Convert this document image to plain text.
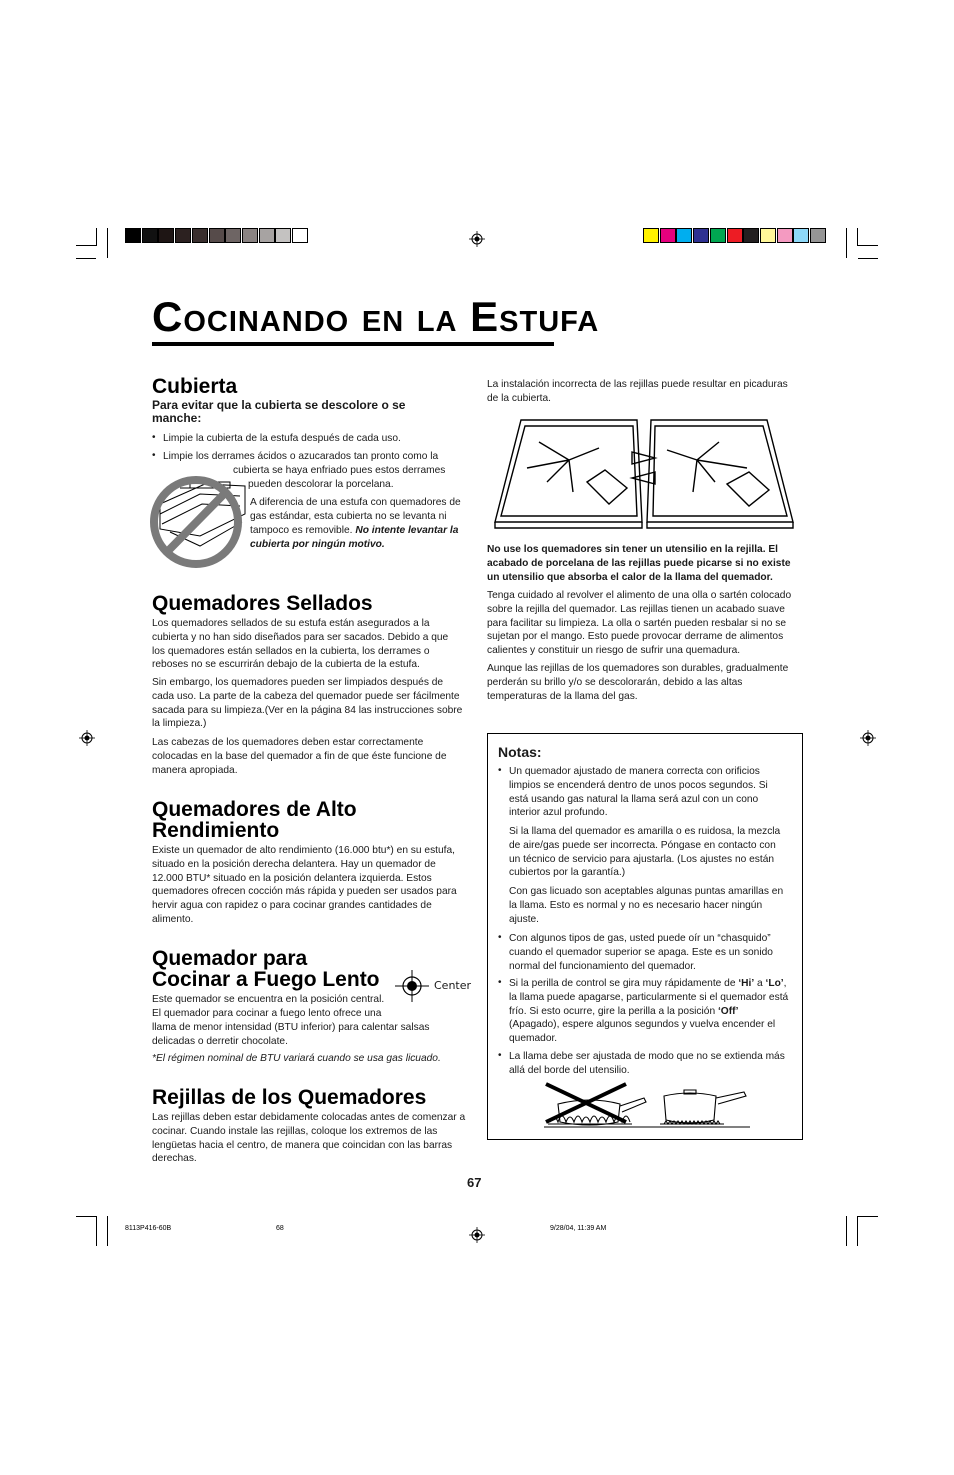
Cocinando en la Estufa
Cubierta

Para evitar que la cubierta se descolore o se manche:

• Limpie la cubierta de la estufa después de cada uso.

• Limpie los derrames ácidos o azucarados tan pronto como la

cubierta se haya enfriado pues estos derrames

pueden descolorar la porcelana.

A diferencia de una estufa con quemadores de

gas estándar, esta cubierta no se levanta ni

tampoco es removible. No intente levantar la

cubierta por ningún motivo.

Quemadores Sellados

Los quemadores sellados de su estufa están asegurados a la cubierta y no han sido diseñados para ser sacados. Debido a que los quemadores están sellados en la cubierta, los derrames o reboses no se escurrirán debajo de la cubierta de la estufa.

Sin embargo, los quemadores pueden ser limpiados después de cada uso. La parte de la cabeza del quemador puede ser fácilmente sacada para su limpieza.(Ver en la página 84 las instrucciones sobre la limpieza.)

Las cabezas de los quemadores deben estar correctamente colocadas en la base del quemador a fin de que éste funcione de manera apropiada.

Quemadores de Alto
Rendimiento

Existe un quemador de alto rendimiento (16.000 btu*) en su estufa, situado en la posición derecha delantera. Hay un quemador de 12.000 BTU* situado en la posición delantera izquierda. Estos quemadores ofrecen cocción más rápida y pueden ser usados para hervir agua con rapidez o para cocinar grandes cantidades de alimento.

Quemador para
Cocinar a Fuego Lento	Center

Este quemador se encuentra en la posición central.

El quemador para cocinar a fuego lento ofrece una

llama de menor intensidad (BTU inferior) para calentar salsas delicadas o derretir chocolate.

*El régimen nominal de BTU variará cuando se usa gas licuado.

Rejillas de los Quemadores

Las rejillas deben estar debidamente colocadas antes de comenzar a cocinar. Cuando instale las rejillas, coloque los extremos de las lengüetas hacia el centro, de manera que coincidan con las barras derechas.

La instalación incorrecta de las rejillas puede resultar en picaduras de la cubierta.

No use los quemadores sin tener un utensilio en la rejilla. El acabado de porcelana de las rejillas puede picarse si no existe un utensilio que absorba el calor de la llama del quemador.

Tenga cuidado al revolver el alimento de una olla o sartén colocado sobre la rejilla del quemador. Las rejillas tienen un acabado suave para facilitar su limpieza. La olla o sartén pueden resbalar si no se sujetan por el mango. Esto puede provocar derrame de alimentos calientes y constituir un riesgo de sufrir una quemadura.

Aunque las rejillas de los quemadores son durables, gradualmente perderán su brillo y/o se descolorarán, debido a las altas temperaturas de la llama del gas.

Notas:
• Un quemador ajustado de manera correcta con orificios limpios se encenderá dentro de unos pocos segundos. Si está usando gas natural la llama será azul con un cono interior azul profundo.

Si la llama del quemador es amarilla o es ruidosa, la mezcla de aire/gas puede ser incorrecta. Póngase en contacto con un técnico de servicio para ajustarla. (Los ajustes no están cubiertos por la garantía.)

Con gas licuado son aceptables algunas puntas amarillas en la llama. Esto es normal y no es necesario hacer ningún ajuste.

• Con algunos tipos de gas, usted puede oír un “chasquido” cuando el quemador superior se apaga. Este es un sonido normal del funcionamiento del quemador.

• Si la perilla de control se gira muy rápidamente de ‘Hi’ a ‘Lo’, la llama puede apagarse, particularmente si el quemador está frío. Si esto ocurre, gire la perilla a la posición ‘Off’ (Apagado), espere algunos segundos y vuelva encender el quemador.

• La llama debe ser ajustada de modo que no se extienda más allá del borde del utensilio.

67
8113P416-60B	68	9/28/04, 11:39 AM
